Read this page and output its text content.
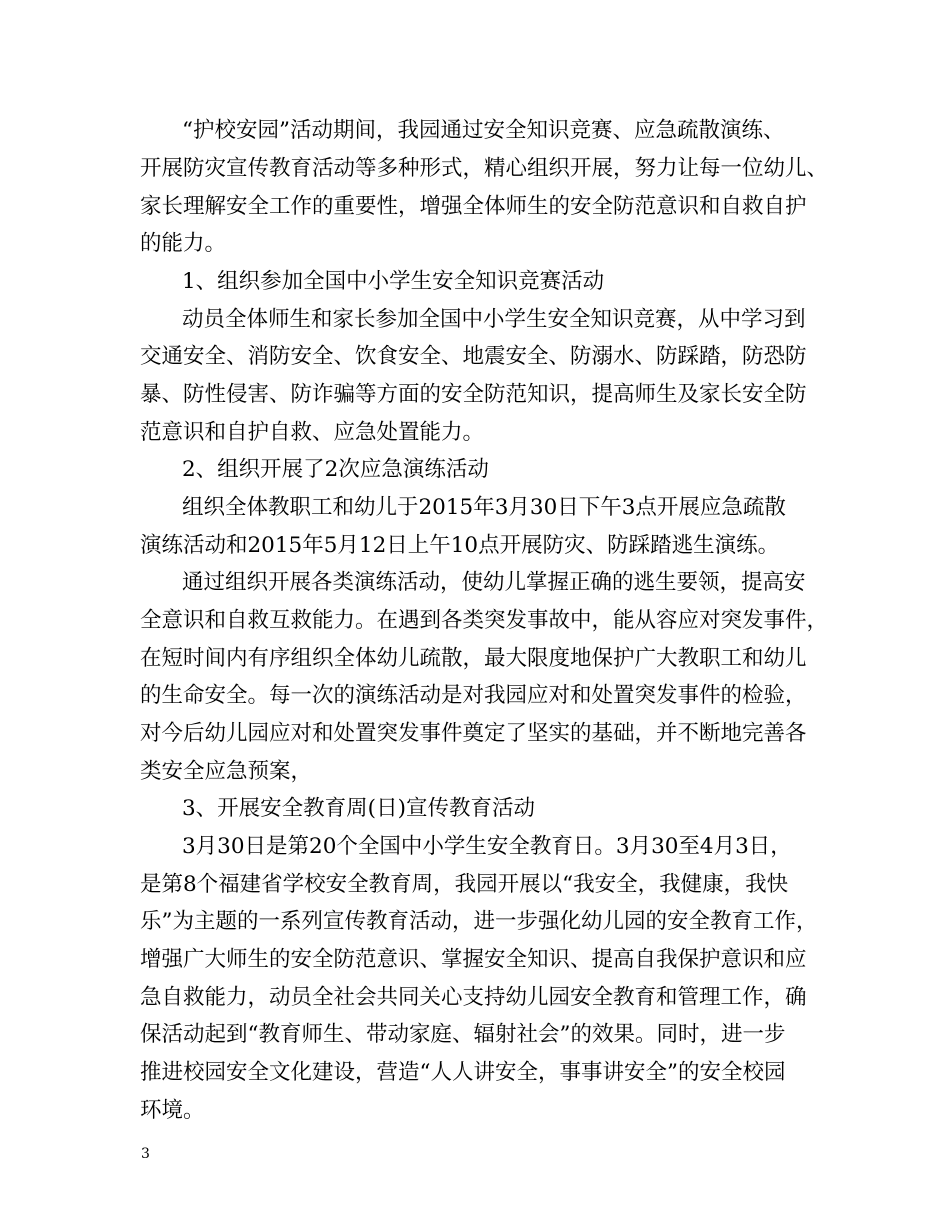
“护校安园”活动期间，我园通过安全知识竞赛、应急疏散演练、
开展防灾宣传教育活动等多种形式，精心组织开展，努力让每一位幼儿、
家长理解安全工作的重要性，增强全体师生的安全防范意识和自救自护
的能力。
1、组织参加全国中小学生安全知识竞赛活动
动员全体师生和家长参加全国中小学生安全知识竞赛，从中学习到
交通安全、消防安全、饮食安全、地震安全、防溺水、防踩踏，防恐防
暴、防性侵害、防诈骗等方面的安全防范知识，提高师生及家长安全防
范意识和自护自救、应急处置能力。
2、组织开展了2次应急演练活动
组织全体教职工和幼儿于2015年3月30日下午3点开展应急疏散
演练活动和2015年5月12日上午10点开展防灾、防踩踏逃生演练。
通过组织开展各类演练活动，使幼儿掌握正确的逃生要领，提高安
全意识和自救互救能力。在遇到各类突发事故中，能从容应对突发事件，
在短时间内有序组织全体幼儿疏散，最大限度地保护广大教职工和幼儿
的生命安全。每一次的演练活动是对我园应对和处置突发事件的检验，
对今后幼儿园应对和处置突发事件奠定了坚实的基础，并不断地完善各
类安全应急预案，
3、开展安全教育周(日)宣传教育活动
3月30日是第20个全国中小学生安全教育日。3月30至4月3日，
是第8个福建省学校安全教育周，我园开展以“我安全，我健康，我快
乐”为主题的一系列宣传教育活动，进一步强化幼儿园的安全教育工作，
增强广大师生的安全防范意识、掌握安全知识、提高自我保护意识和应
急自救能力，动员全社会共同关心支持幼儿园安全教育和管理工作，确
保活动起到“教育师生、带动家庭、辐射社会”的效果。同时，进一步
推进校园安全文化建设，营造“人人讲安全，事事讲安全”的安全校园
环境。
3
